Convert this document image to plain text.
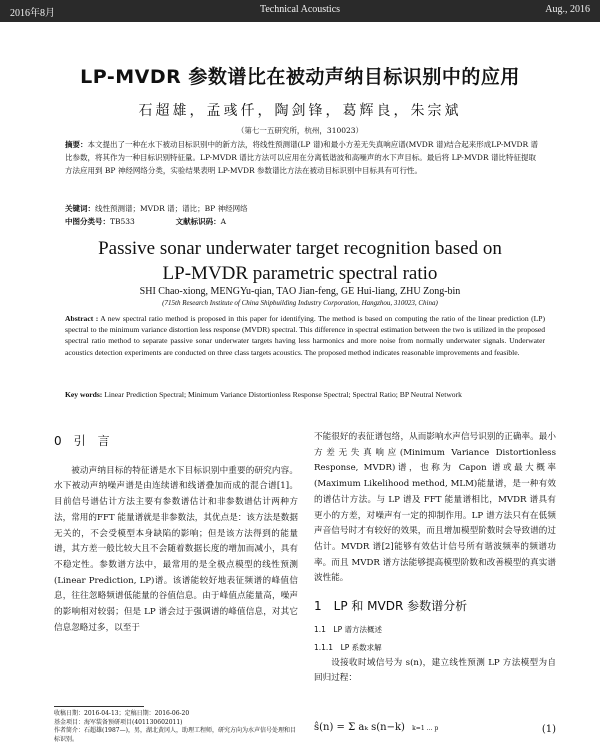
2016年8月	Technical Acoustics	Aug., 2016
LP-MVDR 参数谱比在被动声纳目标识别中的应用
石超雄，孟彧仟，陶剑锋，葛辉良，朱宗斌
（第七一五研究所，杭州，310023）
摘要：本文提出了一种在水下被动目标识别中的新方法，将线性预测谱(LP 谱)和最小方差无失真响应谱(MVDR 谱)结合起来形成LP-MVDR 谱比参数，将其作为一种目标识别特征量。LP-MVDR 谱比方法可以应用在分离低谐波和高噪声的水下声目标。最后将 LP-MVDR 谱比特征提取方法应用到 BP 神经网络分类，实验结果表明 LP-MVDR 参数谱比方法在被动目标识别中目标具有可行性。
关键词：线性预测谱；MVDR 谱；谱比；BP 神经网络
中图分类号：TB533	文献标识码：A
Passive sonar underwater target recognition based on
LP-MVDR parametric spectral ratio
SHI Chao-xiong, MENGYu-qian, TAO Jian-feng, GE Hui-liang, ZHU Zong-bin
(715th Research Institute of China Shipbuilding Industry Corporation, Hangzhou, 310023, China)
Abstract : A new spectral ratio method is proposed in this paper for identifying. The method is based on computing the ratio of the linear prediction (LP) spectral to the minimum variance distortion less response (MVDR) spectral. This difference in spectral estimation between the two is utilized in the proposed spectral ratio method to separate passive sonar underwater targets having less harmonics and more noise from normally underwater signals. Underwater acoustics detection experiments are conducted on three class targets acoustics. The proposed method indicates reasonable improvements and feasible.
Key words: Linear Prediction Spectral; Minimum Variance Distortionless Response Spectral; Spectral Ratio; BP Neutral Network
0　引　言

被动声纳目标的特征谱是水下目标识别中重要的研究内容。水下被动声纳噪声谱是由连续谱和线谱叠加而成的混合谱[1]。目前信号谱估计方法主要有参数谱估计和非参数谱估计两种方法，常用的FFT 能量谱就是非参数法，其优点是：该方法是数据无关的，不会受模型本身缺陷的影响；但是该方法得到的能量谱，其方差一般比较大且不会随着数据长度的增加而减小，具有不稳定性。参数谱方法中，最常用的是全极点模型的线性预测(Linear Prediction, LP)谱。该谱能较好地表征频谱的峰值信息，往往忽略频谱低能量的谷值信息。由于峰值点能量高，噪声的影响相对较弱；但是 LP 谱会过于强调谱的峰值信息，对其它信息忽略过多，以至于

不能很好的表征谱包络，从而影响水声信号识别的正确率。最小方差无失真响应(Minimum Variance Distortionless Response, MVDR)谱，也称为 Capon 谱或最大概率(Maximum Likelihood method, MLM)能量谱，是一种有效的谱估计方法。与 LP 谱及 FFT 能量谱相比，MVDR 谱具有更小的方差，对噪声有一定的抑制作用。LP 谱方法只有在低频声音信号时才有较好的效果，而且增加模型阶数时会导致谱的过估计。MVDR 谱[2]能够有效估计信号所有谐波频率的频谱功率。而且 MVDR 谱方法能够提高模型阶数和改善模型的真实谱波性能。

1　LP 和 MVDR 参数谱分析
1.1　LP 谱方法概述
1.1.1　LP 系数求解

设接收时域信号为 s(n)，建立线性预测 LP 方法模型为自回归过程：

ŝ(n) = Σ aₖ s(n−k) k=1 … p	(1)
收稿日期：2016-04-13；定稿日期：2016-06-20
基金项目：海军装备预研项目(401130602011)
作者简介：石超雄(1987—)，男，湖北黄冈人，助理工程师，研究方向为水声信号处理和目标识别。
